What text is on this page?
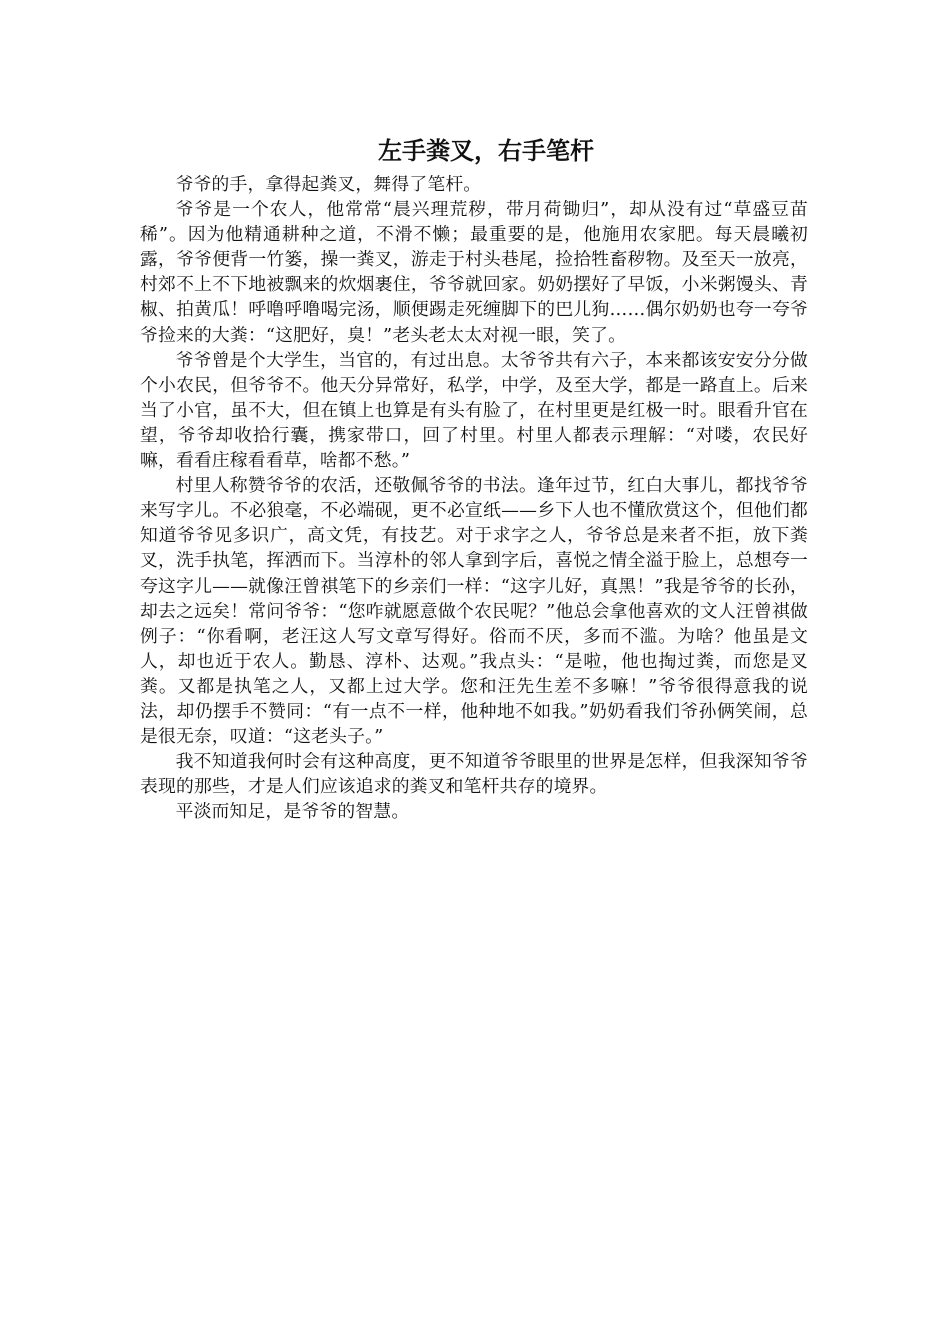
左手粪叉，右手笔杆

爷爷的手，拿得起粪叉，舞得了笔杆。

爷爷是一个农人，他常常“晨兴理荒秽，带月荷锄归”，却从没有过“草盛豆苗稀”。因为他精通耕种之道，不滑不懒；最重要的是，他施用农家肥。每天晨曦初露，爷爷便背一竹篓，操一粪叉，游走于村头巷尾，捡拾牲畜秽物。及至天一放亮，村郊不上不下地被飘来的炊烟裹住，爷爷就回家。奶奶摆好了早饭，小米粥馒头、青椒、拍黄瓜！呼噜呼噜喝完汤，顺便踢走死缠脚下的巴儿狗……偶尔奶奶也夸一夸爷爷捡来的大粪：“这肥好，臭！”老头老太太对视一眼，笑了。

爷爷曾是个大学生，当官的，有过出息。太爷爷共有六子，本来都该安安分分做个小农民，但爷爷不。他天分异常好，私学，中学，及至大学，都是一路直上。后来当了小官，虽不大，但在镇上也算是有头有脸了，在村里更是红极一时。眼看升官在望，爷爷却收拾行囊，携家带口，回了村里。村里人都表示理解：“对喽，农民好嘛，看看庄稼看看草，啥都不愁。”

村里人称赞爷爷的农活，还敬佩爷爷的书法。逢年过节，红白大事儿，都找爷爷来写字儿。不必狼毫，不必端砚，更不必宣纸——乡下人也不懂欣赏这个，但他们都知道爷爷见多识广，高文凭，有技艺。对于求字之人，爷爷总是来者不拒，放下粪叉，洗手执笔，挥洒而下。当淳朴的邻人拿到字后，喜悦之情全溢于脸上，总想夸一夸这字儿——就像汪曾祺笔下的乡亲们一样：“这字儿好，真黑！”我是爷爷的长孙，却去之远矣！常问爷爷：“您咋就愿意做个农民呢？”他总会拿他喜欢的文人汪曾祺做例子：“你看啊，老汪这人写文章写得好。俗而不厌，多而不滥。为啥？他虽是文人，却也近于农人。勤恳、淳朴、达观。”我点头：“是啦，他也掏过粪，而您是叉粪。又都是执笔之人，又都上过大学。您和汪先生差不多嘛！”爷爷很得意我的说法，却仍摆手不赞同：“有一点不一样，他种地不如我。”奶奶看我们爷孙俩笑闹，总是很无奈，叹道：“这老头子。”

我不知道我何时会有这种高度，更不知道爷爷眼里的世界是怎样，但我深知爷爷表现的那些，才是人们应该追求的粪叉和笔杆共存的境界。

平淡而知足，是爷爷的智慧。
